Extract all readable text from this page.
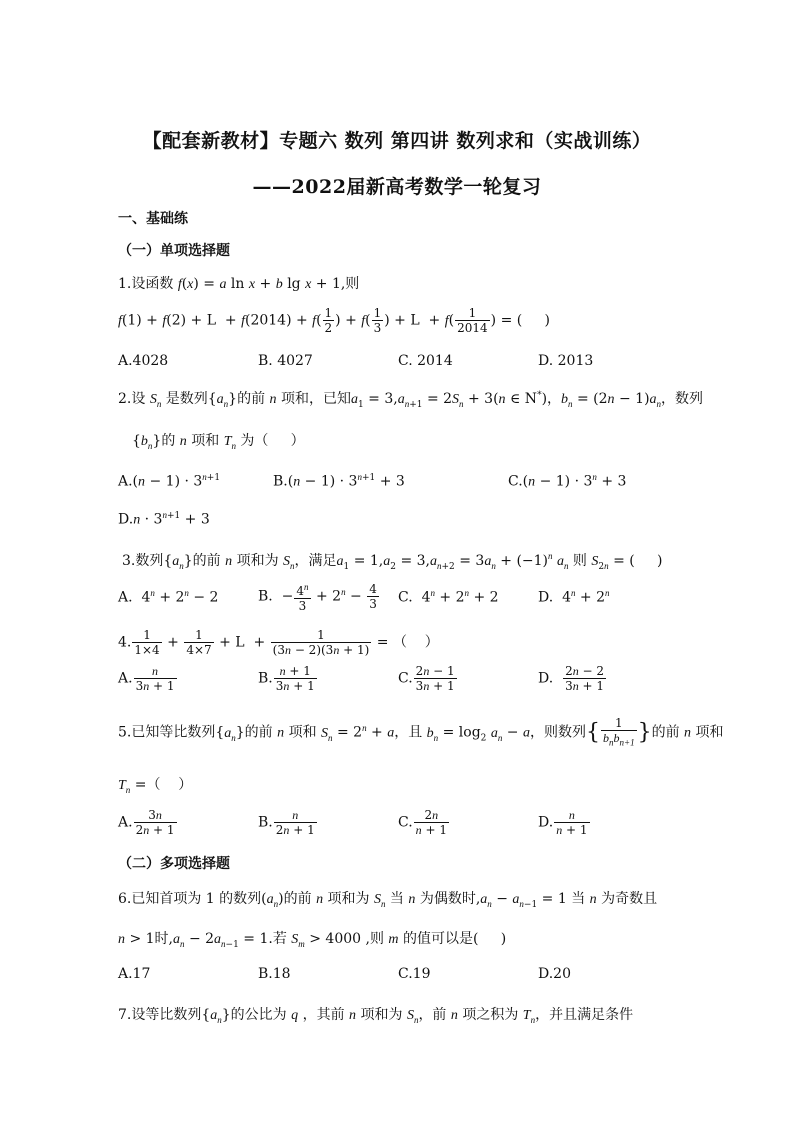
【配套新教材】专题六 数列 第四讲 数列求和（实战训练）
——2022届新高考数学一轮复习
一、基础练
（一）单项选择题
1.设函数 f(x) = a ln x + b lg x + 1,则
$f(1) + f(2) + L + f(2014) + f( \frac{1}{2}$ ) + $f( \frac{1}{3}$ ) + $L + f( \frac{1}{2014}$ ) = (     )
A.4028	B. 4027	C. 2014	D. 2013
2.设 $S_n$ 是数列$\{a_n\}$的前 n 项和，已知$a_1 = 3,a_{n+1} = 2S_n + 3(n$ ∈ N*)，$b_n = (2n - 1)a_n$，数列
$\{b_n\}$的 n 项和 $T_n$ 为（     ）
$A.(n - 1) \cdot 3^{n+1}$	$B.(n - 1) \cdot 3^{n+1} + 3$	$C.(n - 1) \cdot 3^n + 3$
$D.n \cdot 3^{n+1} + 3$
3.数列$\{a_n\}$的前 n 项和为 $S_n$，满足$a_1 = 1,a_2 = 3,a_{n+2} = 3a_n + (-1)^n$ $a_n$ 则 $S_{2n}$ = (     )
A.  $4^n + 2^n - 2$	B.  − $\frac{4^n}{3} + 2^n - \frac{4}{3} C$.  $4^n + 2^n + 2$	D.  $4^n + 2^n$
4. $\frac{1}{1\times 4} + \frac{1}{4\times 7} + L + \frac{1}{(3n - 2)(3n + 1)}$ = （    ）
A. $\frac{n}{3n + 1}$	B. $\frac{n + 1}{3n + 1}$	C. $\frac{2n - 1}{3n + 1}$	D. $\frac{2n - 2}{3n + 1}$
5.已知等比数列$\{a_n\}$的前 n 项和 $S_n = 2^n + a$，且 $b_n = \log_2 a_n - a$，则数列{ $\frac{1}{b_nb_{n+1}}$ }的前 n 项和
$T_n$ =（    ）
A. $\frac{3n}{2n + 1}$	B. $\frac{n}{2n + 1}$	C. $\frac{2n}{n + 1}$	D. $\frac{n}{n + 1}$
（二）多项选择题
6.已知首项为 1 的数列$(a_n)$的前 n 项和为 $S_n$ 当 n 为偶数时$,a_n - a_{n-1} = 1$ 当 n 为奇数且
n > 1时$,a_n - 2a_{n-1} = 1$.若 $S_m > 4000$ ,则 m 的值可以是(     )
A.17	B.18	C.19	D.20
7.设等比数列$\{a_n\}$的公比为 q ，其前 n 项和为 $S_n$，前 n 项之积为 $T_n$，并且满足条件
